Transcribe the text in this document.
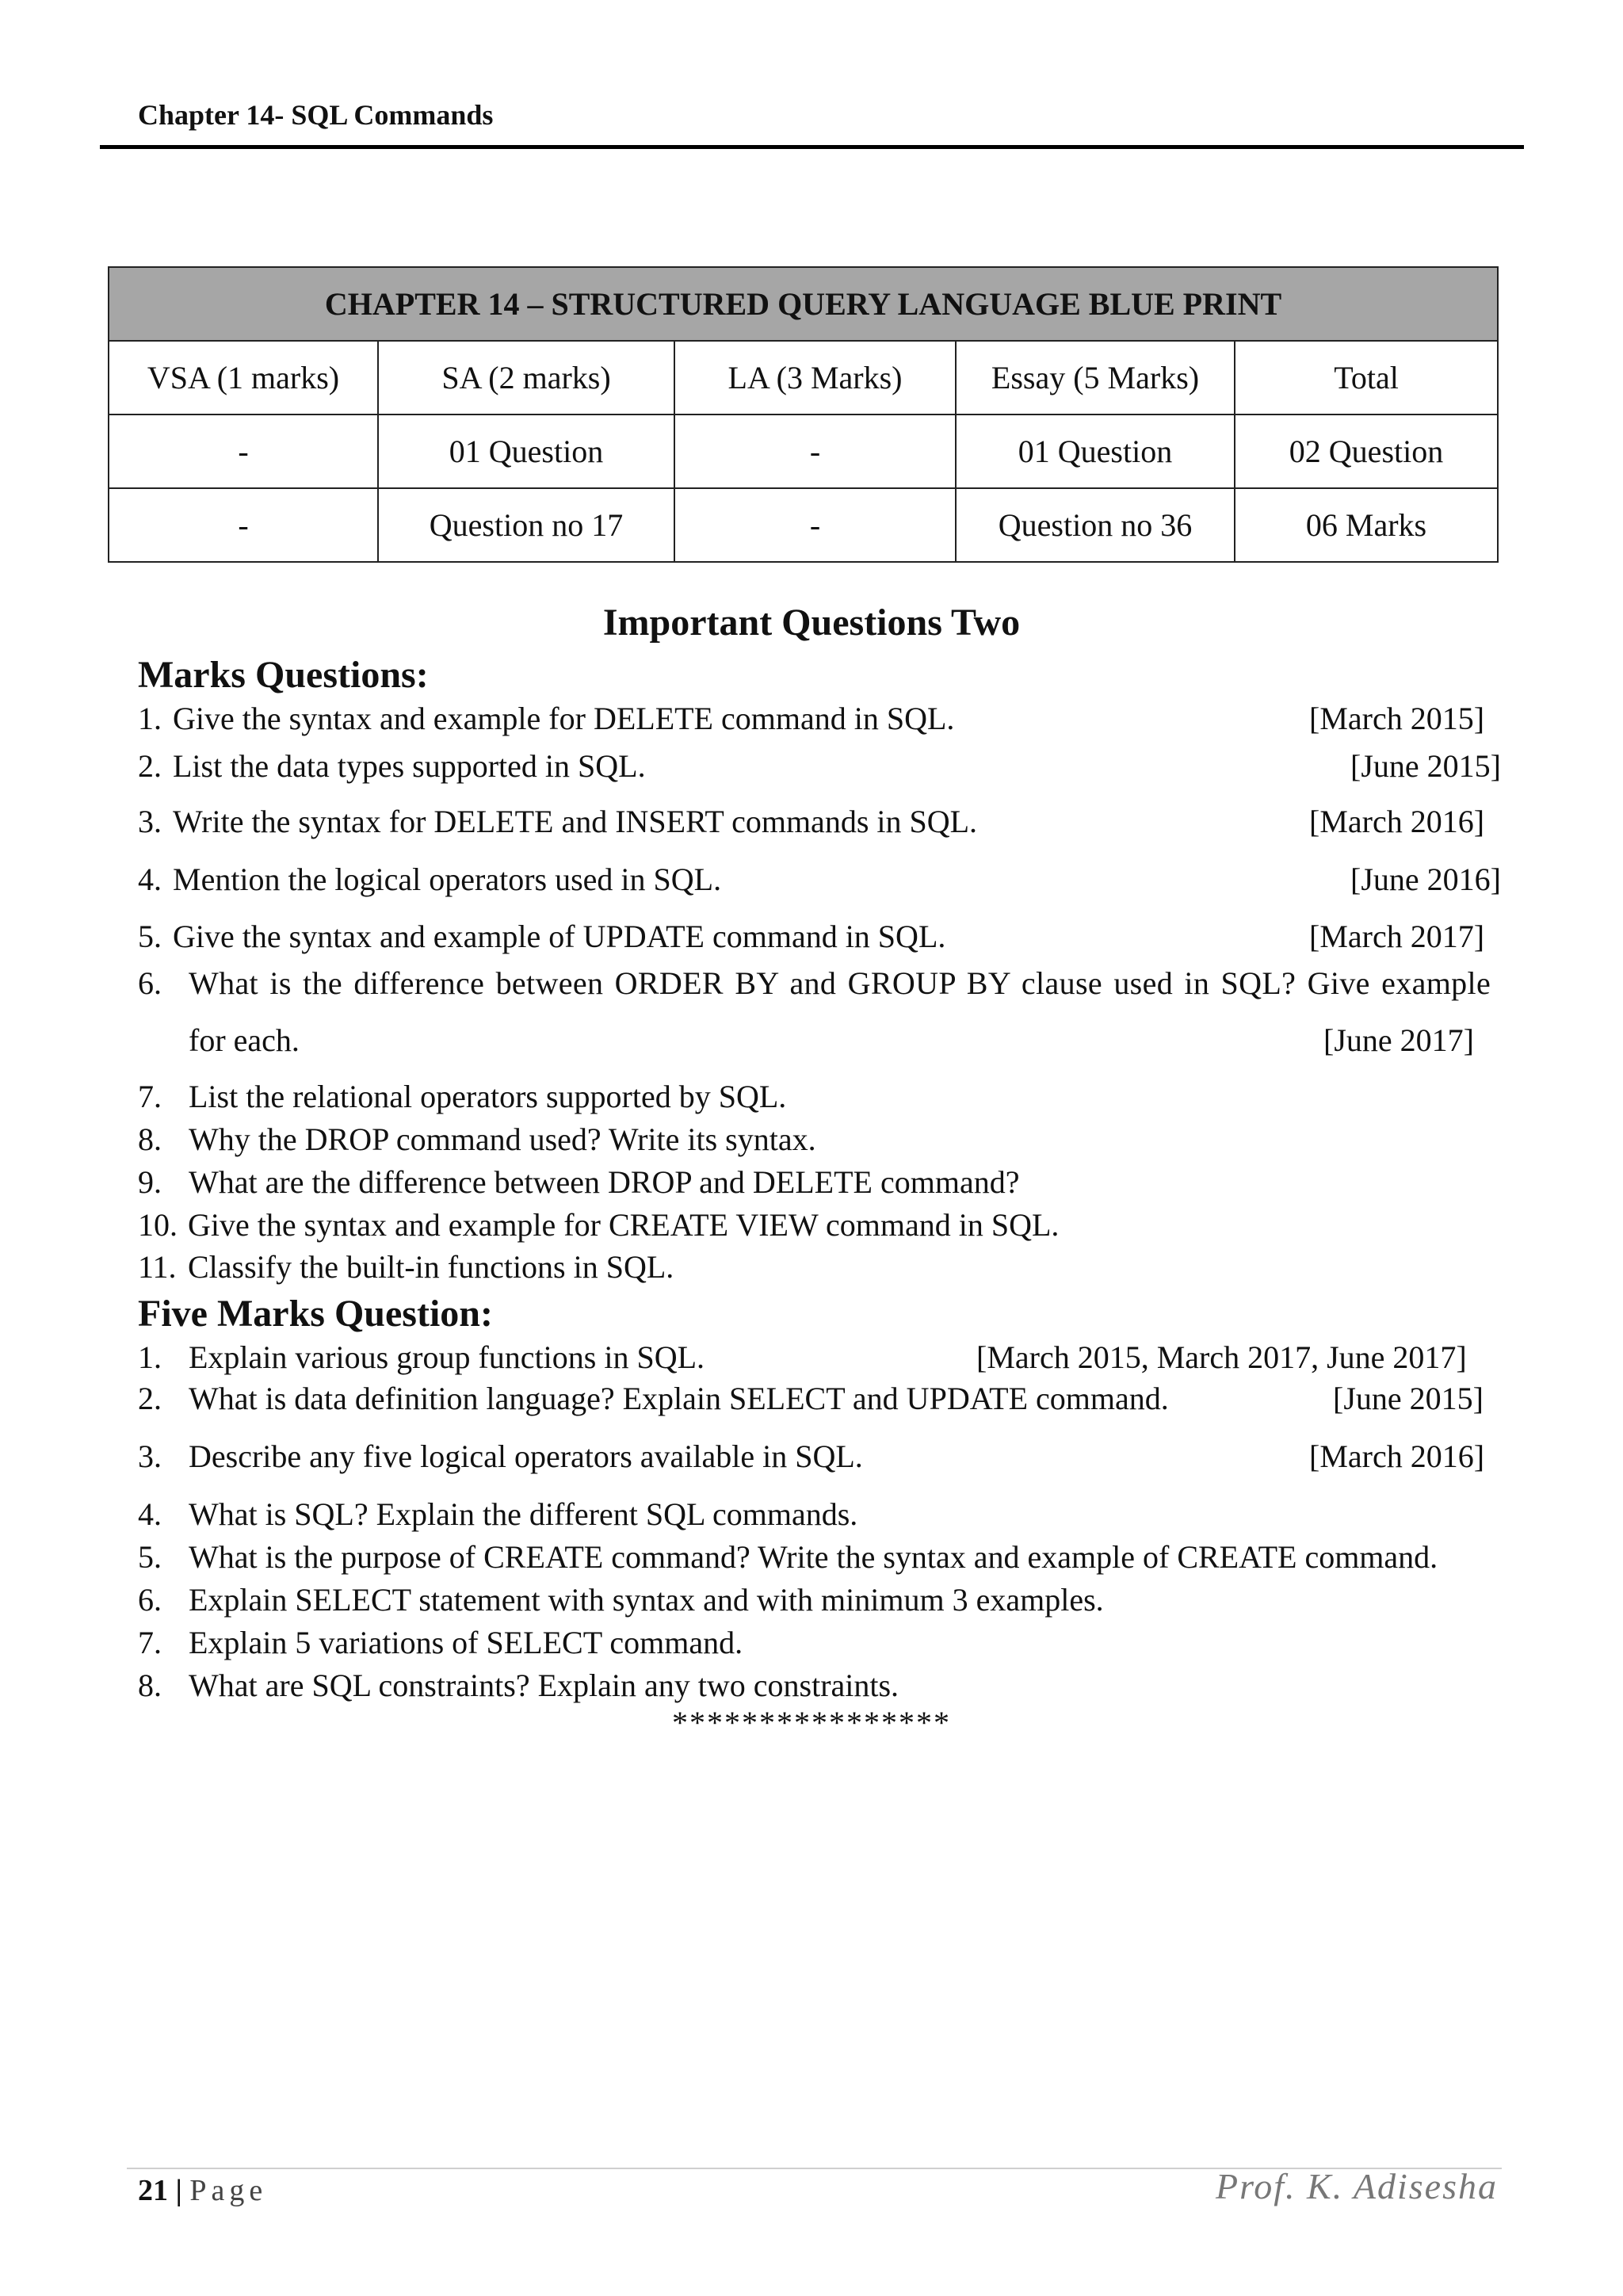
Chapter 14- SQL Commands
CHAPTER 14 – STRUCTURED QUERY LANGUAGE BLUE PRINT				
VSA (1 marks)	SA (2 marks)	LA (3 Marks)	Essay (5 Marks)	Total
-	01 Question	-	01 Question	02 Question
-	Question no 17	-	Question no 36	06 Marks
Important Questions Two
Marks Questions:
1. Give the syntax and example for DELETE command in SQL.	[March 2015]
2. List the data types supported in SQL.	[June 2015]
3. Write the syntax for DELETE and INSERT commands in SQL.	[March 2016]
4. Mention the logical operators used in SQL.	[June 2016]
5. Give the syntax and example of UPDATE command in SQL.	[March 2017]
6. What is the difference between ORDER BY and GROUP BY clause used in SQL? Give example
for each.	[June 2017]
7. List the relational operators supported by SQL.
8. Why the DROP command used? Write its syntax.
9. What are the difference between DROP and DELETE command?
10. Give the syntax and example for CREATE VIEW command in SQL.
11. Classify the built-in functions in SQL.
Five Marks Question:
1. Explain various group functions in SQL.	[March 2015, March 2017, June 2017]
2. What is data definition language? Explain SELECT and UPDATE command.	[June 2015]
3. Describe any five logical operators available in SQL.	[March 2016]
4. What is SQL? Explain the different SQL commands.
5. What is the purpose of CREATE command? Write the syntax and example of CREATE command.
6. Explain SELECT statement with syntax and with minimum 3 examples.
7. Explain 5 variations of SELECT command.
8. What are SQL constraints? Explain any two constraints.
****************
21 | Page	Prof. K. Adisesha
